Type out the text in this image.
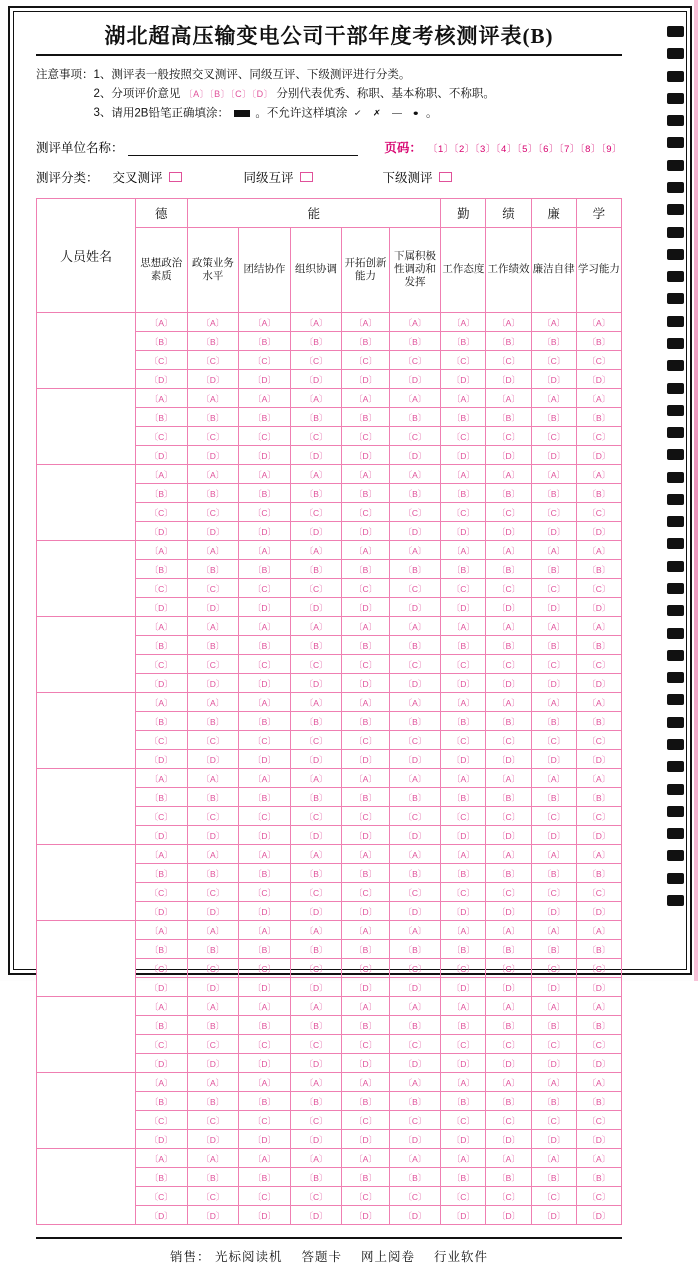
湖北超高压输变电公司干部年度考核测评表(B)
注意事项： 1、 测评表一般按照交叉测评、同级互评、下级测评进行分类。
2、 分项评价意见 〔A〕〔B〕〔C〕〔D〕 分别代表优秀、称职、基本称职、不称职。
3、 请用2B铅笔正确填涂： 。不允许这样填涂 ✓ ✗ — ● 。
测评单位名称：	页码： 〔1〕〔2〕〔3〕〔4〕〔5〕〔6〕〔7〕〔8〕〔9〕
测评分类： 交叉测评	同级互评	下级测评
人员姓名	德	能					勤	绩	廉	学
	思想政治素质	政策业务水平	团结协作	组织协调	开拓创新能力	下属积极性调动和发挥	工作态度	工作绩效	廉洁自律	学习能力
	〔A〕	〔A〕	〔A〕	〔A〕	〔A〕	〔A〕	〔A〕	〔A〕	〔A〕	〔A〕
	〔B〕	〔B〕	〔B〕	〔B〕	〔B〕	〔B〕	〔B〕	〔B〕	〔B〕	〔B〕
	〔C〕	〔C〕	〔C〕	〔C〕	〔C〕	〔C〕	〔C〕	〔C〕	〔C〕	〔C〕
	〔D〕	〔D〕	〔D〕	〔D〕	〔D〕	〔D〕	〔D〕	〔D〕	〔D〕	〔D〕
	〔A〕	〔A〕	〔A〕	〔A〕	〔A〕	〔A〕	〔A〕	〔A〕	〔A〕	〔A〕
	〔B〕	〔B〕	〔B〕	〔B〕	〔B〕	〔B〕	〔B〕	〔B〕	〔B〕	〔B〕
	〔C〕	〔C〕	〔C〕	〔C〕	〔C〕	〔C〕	〔C〕	〔C〕	〔C〕	〔C〕
	〔D〕	〔D〕	〔D〕	〔D〕	〔D〕	〔D〕	〔D〕	〔D〕	〔D〕	〔D〕
	〔A〕	〔A〕	〔A〕	〔A〕	〔A〕	〔A〕	〔A〕	〔A〕	〔A〕	〔A〕
	〔B〕	〔B〕	〔B〕	〔B〕	〔B〕	〔B〕	〔B〕	〔B〕	〔B〕	〔B〕
	〔C〕	〔C〕	〔C〕	〔C〕	〔C〕	〔C〕	〔C〕	〔C〕	〔C〕	〔C〕
	〔D〕	〔D〕	〔D〕	〔D〕	〔D〕	〔D〕	〔D〕	〔D〕	〔D〕	〔D〕
	〔A〕	〔A〕	〔A〕	〔A〕	〔A〕	〔A〕	〔A〕	〔A〕	〔A〕	〔A〕
	〔B〕	〔B〕	〔B〕	〔B〕	〔B〕	〔B〕	〔B〕	〔B〕	〔B〕	〔B〕
	〔C〕	〔C〕	〔C〕	〔C〕	〔C〕	〔C〕	〔C〕	〔C〕	〔C〕	〔C〕
	〔D〕	〔D〕	〔D〕	〔D〕	〔D〕	〔D〕	〔D〕	〔D〕	〔D〕	〔D〕
	〔A〕	〔A〕	〔A〕	〔A〕	〔A〕	〔A〕	〔A〕	〔A〕	〔A〕	〔A〕
	〔B〕	〔B〕	〔B〕	〔B〕	〔B〕	〔B〕	〔B〕	〔B〕	〔B〕	〔B〕
	〔C〕	〔C〕	〔C〕	〔C〕	〔C〕	〔C〕	〔C〕	〔C〕	〔C〕	〔C〕
	〔D〕	〔D〕	〔D〕	〔D〕	〔D〕	〔D〕	〔D〕	〔D〕	〔D〕	〔D〕
	〔A〕	〔A〕	〔A〕	〔A〕	〔A〕	〔A〕	〔A〕	〔A〕	〔A〕	〔A〕
	〔B〕	〔B〕	〔B〕	〔B〕	〔B〕	〔B〕	〔B〕	〔B〕	〔B〕	〔B〕
	〔C〕	〔C〕	〔C〕	〔C〕	〔C〕	〔C〕	〔C〕	〔C〕	〔C〕	〔C〕
	〔D〕	〔D〕	〔D〕	〔D〕	〔D〕	〔D〕	〔D〕	〔D〕	〔D〕	〔D〕
	〔A〕	〔A〕	〔A〕	〔A〕	〔A〕	〔A〕	〔A〕	〔A〕	〔A〕	〔A〕
	〔B〕	〔B〕	〔B〕	〔B〕	〔B〕	〔B〕	〔B〕	〔B〕	〔B〕	〔B〕
	〔C〕	〔C〕	〔C〕	〔C〕	〔C〕	〔C〕	〔C〕	〔C〕	〔C〕	〔C〕
	〔D〕	〔D〕	〔D〕	〔D〕	〔D〕	〔D〕	〔D〕	〔D〕	〔D〕	〔D〕
	〔A〕	〔A〕	〔A〕	〔A〕	〔A〕	〔A〕	〔A〕	〔A〕	〔A〕	〔A〕
	〔B〕	〔B〕	〔B〕	〔B〕	〔B〕	〔B〕	〔B〕	〔B〕	〔B〕	〔B〕
	〔C〕	〔C〕	〔C〕	〔C〕	〔C〕	〔C〕	〔C〕	〔C〕	〔C〕	〔C〕
	〔D〕	〔D〕	〔D〕	〔D〕	〔D〕	〔D〕	〔D〕	〔D〕	〔D〕	〔D〕
	〔A〕	〔A〕	〔A〕	〔A〕	〔A〕	〔A〕	〔A〕	〔A〕	〔A〕	〔A〕
	〔B〕	〔B〕	〔B〕	〔B〕	〔B〕	〔B〕	〔B〕	〔B〕	〔B〕	〔B〕
	〔C〕	〔C〕	〔C〕	〔C〕	〔C〕	〔C〕	〔C〕	〔C〕	〔C〕	〔C〕
	〔D〕	〔D〕	〔D〕	〔D〕	〔D〕	〔D〕	〔D〕	〔D〕	〔D〕	〔D〕
	〔A〕	〔A〕	〔A〕	〔A〕	〔A〕	〔A〕	〔A〕	〔A〕	〔A〕	〔A〕
	〔B〕	〔B〕	〔B〕	〔B〕	〔B〕	〔B〕	〔B〕	〔B〕	〔B〕	〔B〕
	〔C〕	〔C〕	〔C〕	〔C〕	〔C〕	〔C〕	〔C〕	〔C〕	〔C〕	〔C〕
	〔D〕	〔D〕	〔D〕	〔D〕	〔D〕	〔D〕	〔D〕	〔D〕	〔D〕	〔D〕
	〔A〕	〔A〕	〔A〕	〔A〕	〔A〕	〔A〕	〔A〕	〔A〕	〔A〕	〔A〕
	〔B〕	〔B〕	〔B〕	〔B〕	〔B〕	〔B〕	〔B〕	〔B〕	〔B〕	〔B〕
	〔C〕	〔C〕	〔C〕	〔C〕	〔C〕	〔C〕	〔C〕	〔C〕	〔C〕	〔C〕
	〔D〕	〔D〕	〔D〕	〔D〕	〔D〕	〔D〕	〔D〕	〔D〕	〔D〕	〔D〕
	〔A〕	〔A〕	〔A〕	〔A〕	〔A〕	〔A〕	〔A〕	〔A〕	〔A〕	〔A〕
	〔B〕	〔B〕	〔B〕	〔B〕	〔B〕	〔B〕	〔B〕	〔B〕	〔B〕	〔B〕
	〔C〕	〔C〕	〔C〕	〔C〕	〔C〕	〔C〕	〔C〕	〔C〕	〔C〕	〔C〕
	〔D〕	〔D〕	〔D〕	〔D〕	〔D〕	〔D〕	〔D〕	〔D〕	〔D〕	〔D〕
销售： 光标阅读机 答题卡 网上阅卷 行业软件
